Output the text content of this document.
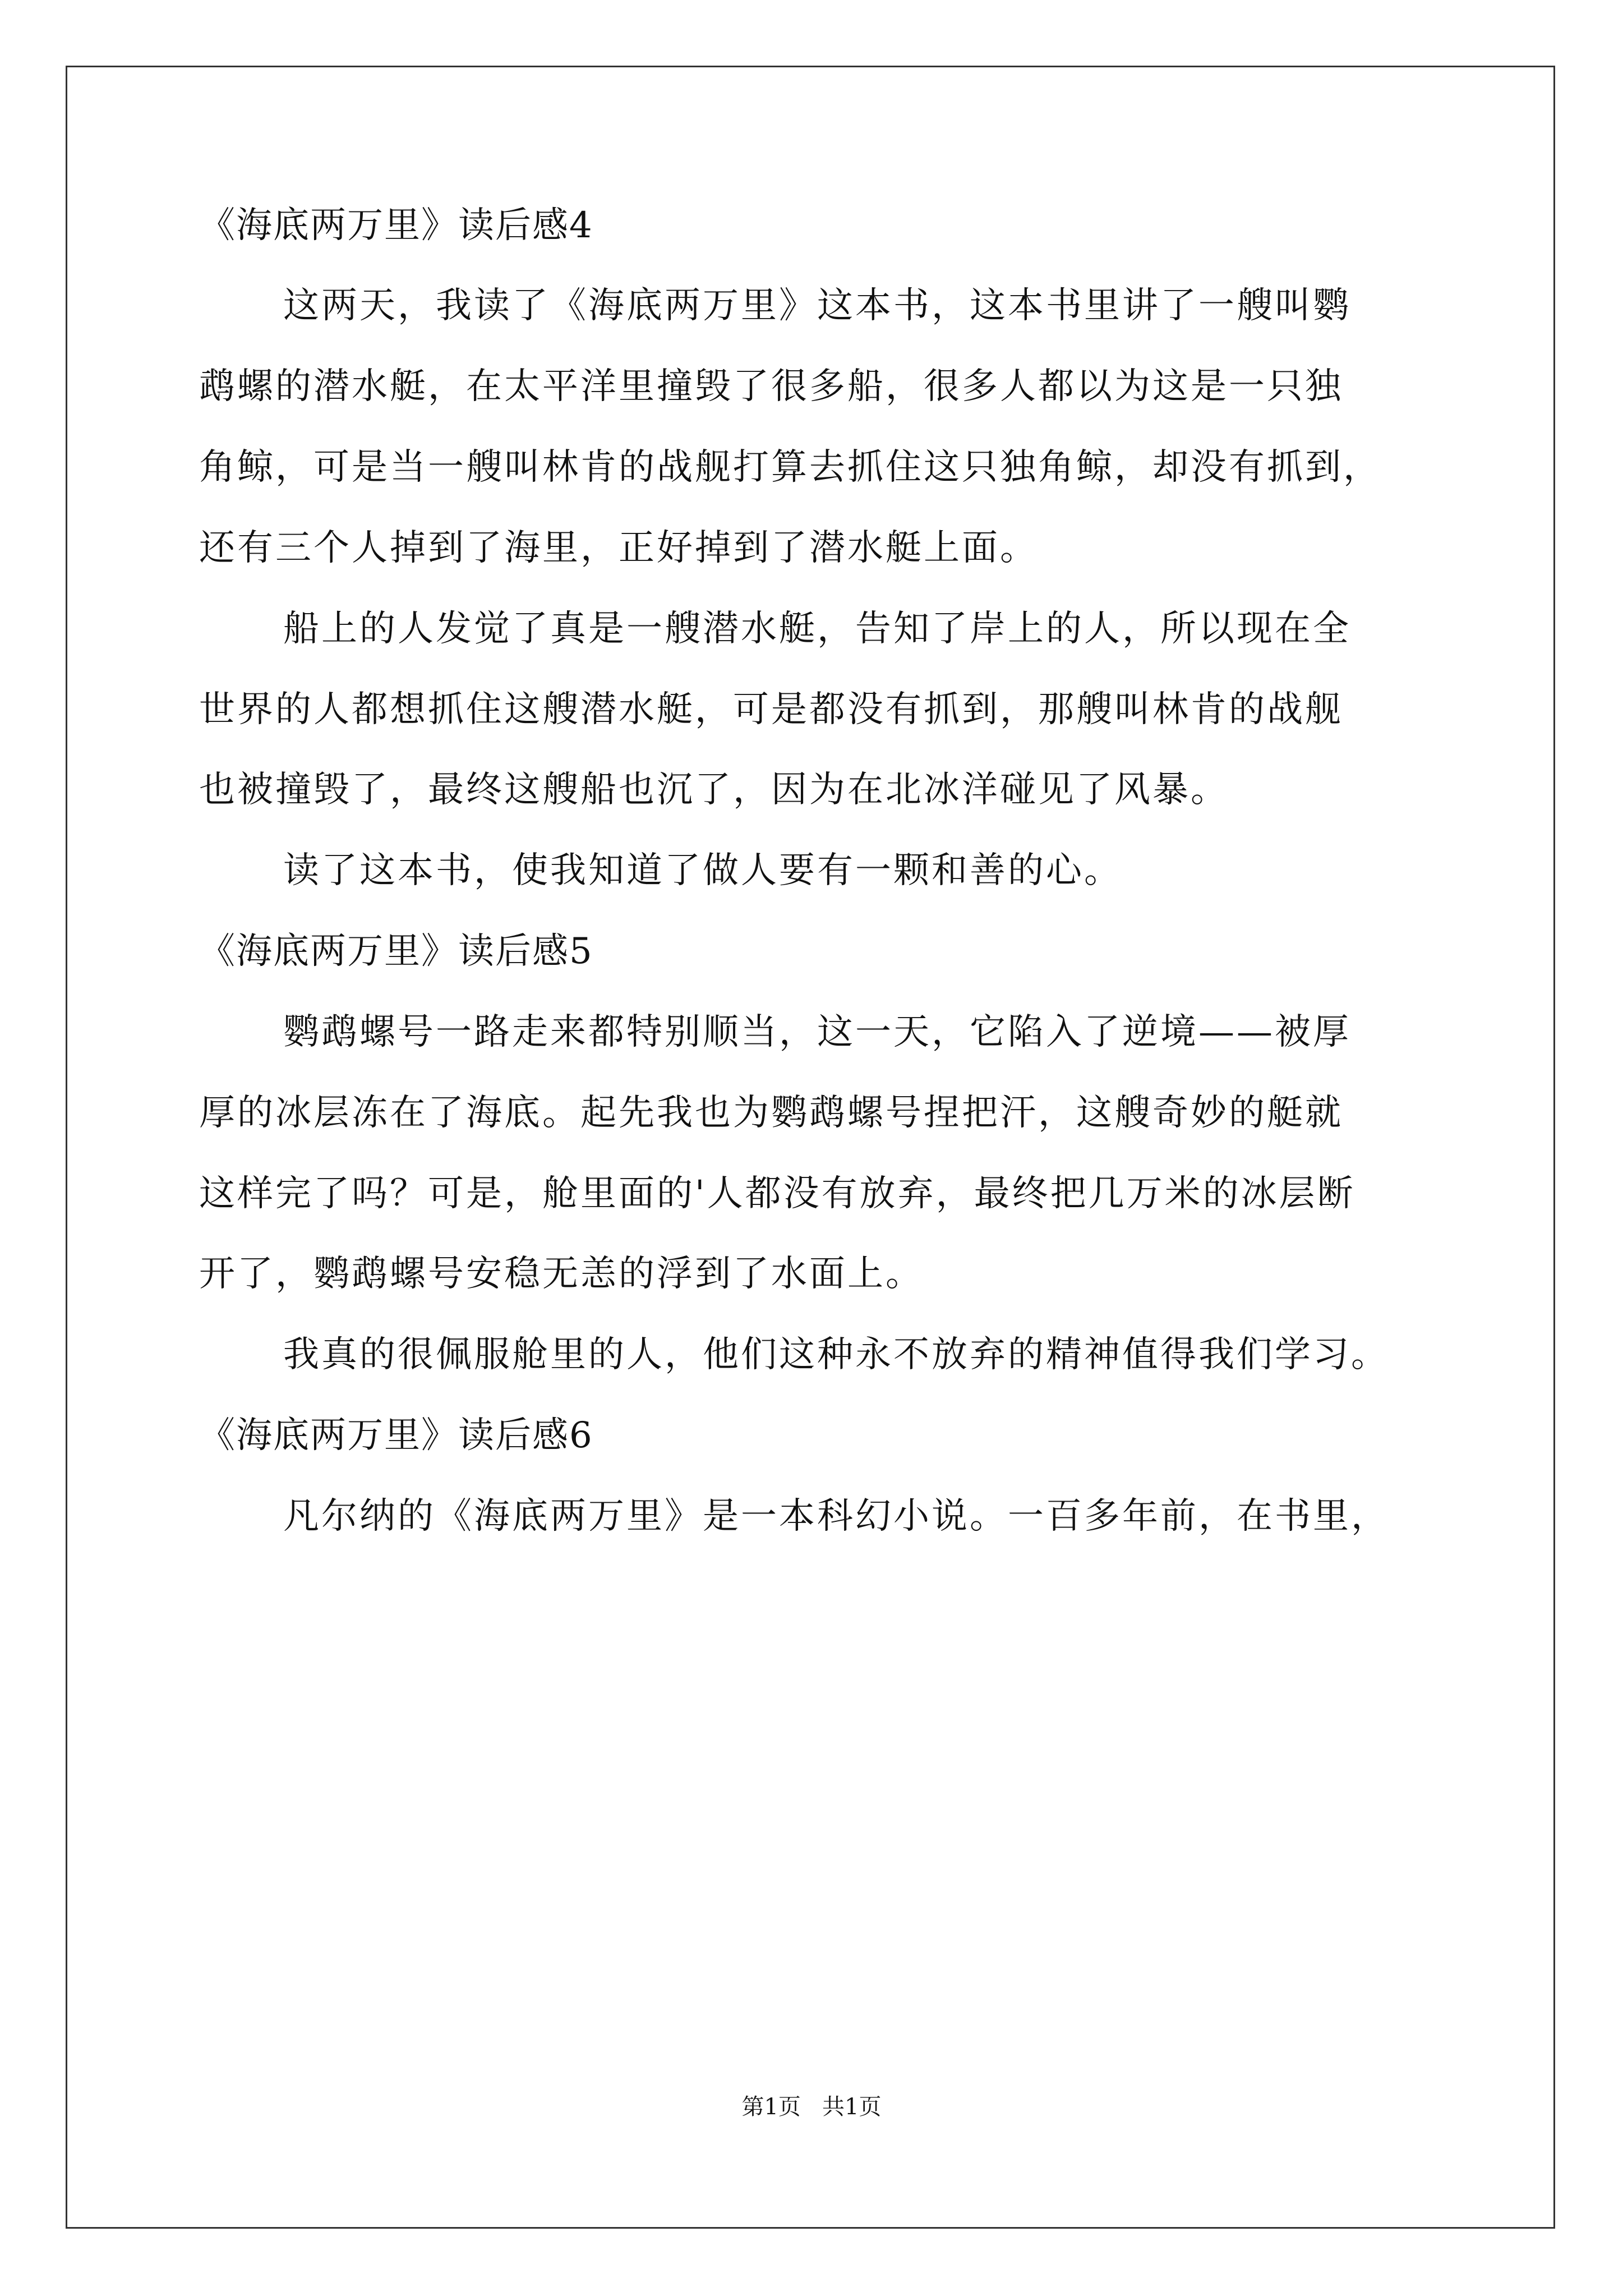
《海底两万里》读后感4
这两天，我读了《海底两万里》这本书，这本书里讲了一艘叫鹦
鹉螺的潜水艇，在太平洋里撞毁了很多船，很多人都以为这是一只独
角鲸，可是当一艘叫林肯的战舰打算去抓住这只独角鲸，却没有抓到，
还有三个人掉到了海里，正好掉到了潜水艇上面。
船上的人发觉了真是一艘潜水艇，告知了岸上的人，所以现在全
世界的人都想抓住这艘潜水艇，可是都没有抓到，那艘叫林肯的战舰
也被撞毁了，最终这艘船也沉了，因为在北冰洋碰见了风暴。
读了这本书，使我知道了做人要有一颗和善的心。
《海底两万里》读后感5
鹦鹉螺号一路走来都特别顺当，这一天，它陷入了逆境——被厚
厚的冰层冻在了海底。起先我也为鹦鹉螺号捏把汗，这艘奇妙的艇就
这样完了吗？可是，舱里面的'人都没有放弃，最终把几万米的冰层断
开了，鹦鹉螺号安稳无恙的浮到了水面上。
我真的很佩服舱里的人，他们这种永不放弃的精神值得我们学习。
《海底两万里》读后感6
凡尔纳的《海底两万里》是一本科幻小说。一百多年前，在书里，
第1页   共1页
